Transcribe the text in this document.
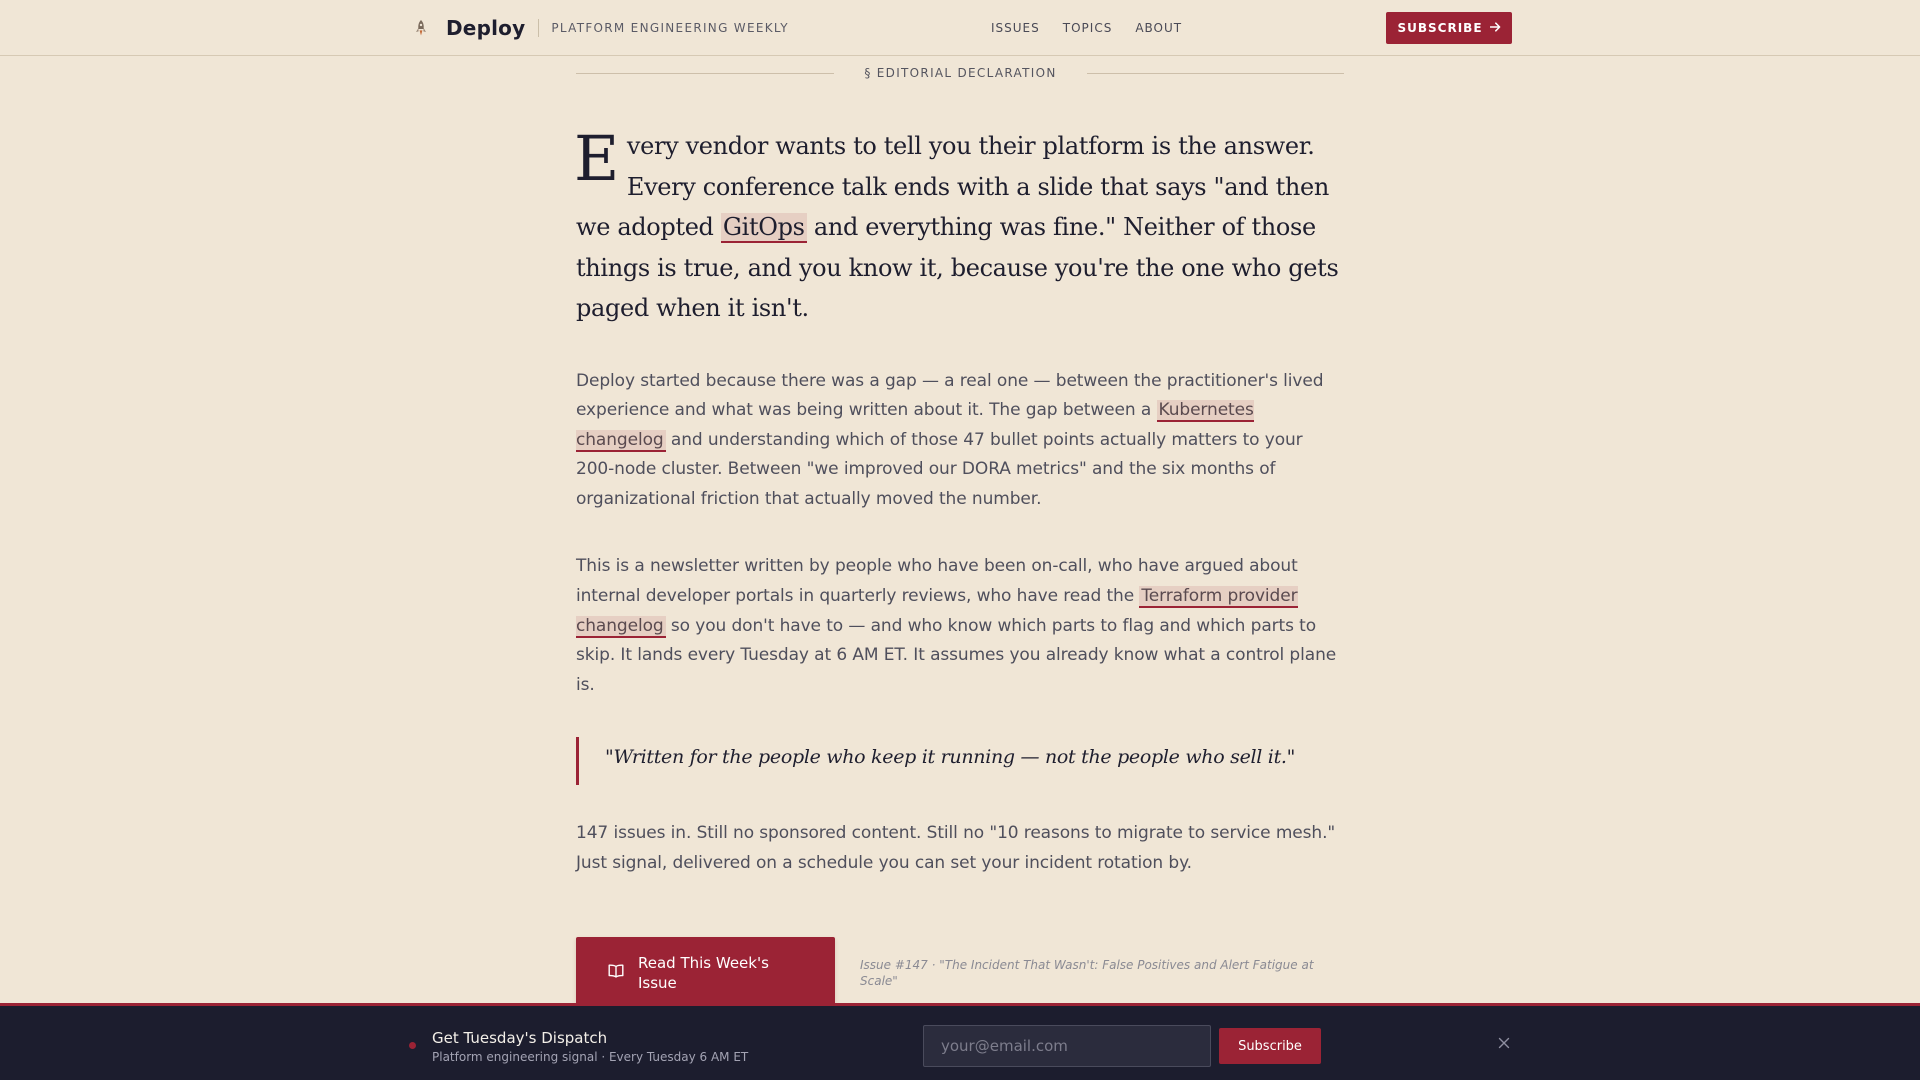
Deploy PLATFORM ENGINEERING WEEKLY	ISSUES TOPICS ABOUT	SUBSCRIBE
§ EDITORIAL DECLARATION

Every vendor wants to tell you their platform is the answer. Every conference talk ends with a slide that says "and then we adopted GitOps and everything was fine." Neither of those things is true, and you know it, because you're the one who gets paged when it isn't.

Deploy started because there was a gap — a real one — between the practitioner's lived experience and what was being written about it. The gap between a Kubernetes changelog and understanding which of those 47 bullet points actually matters to your 200-node cluster. Between "we improved our DORA metrics" and the six months of organizational friction that actually moved the number.

This is a newsletter written by people who have been on-call, who have argued about internal developer portals in quarterly reviews, who have read the Terraform provider changelog so you don't have to — and who know which parts to flag and which parts to skip. It lands every Tuesday at 6 AM ET. It assumes you already know what a control plane is.

"Written for the people who keep it running — not the people who sell it."

147 issues in. Still no sponsored content. Still no "10 reasons to migrate to service mesh." Just signal, delivered on a schedule you can set your incident rotation by.

Read This Week's Issue

Issue #147 · "The Incident That Wasn't: False Positives and Alert Fatigue at Scale"

Get Tuesday's Dispatch
Platform engineering signal · Every Tuesday 6 AM ET
your@email.com
Subscribe
